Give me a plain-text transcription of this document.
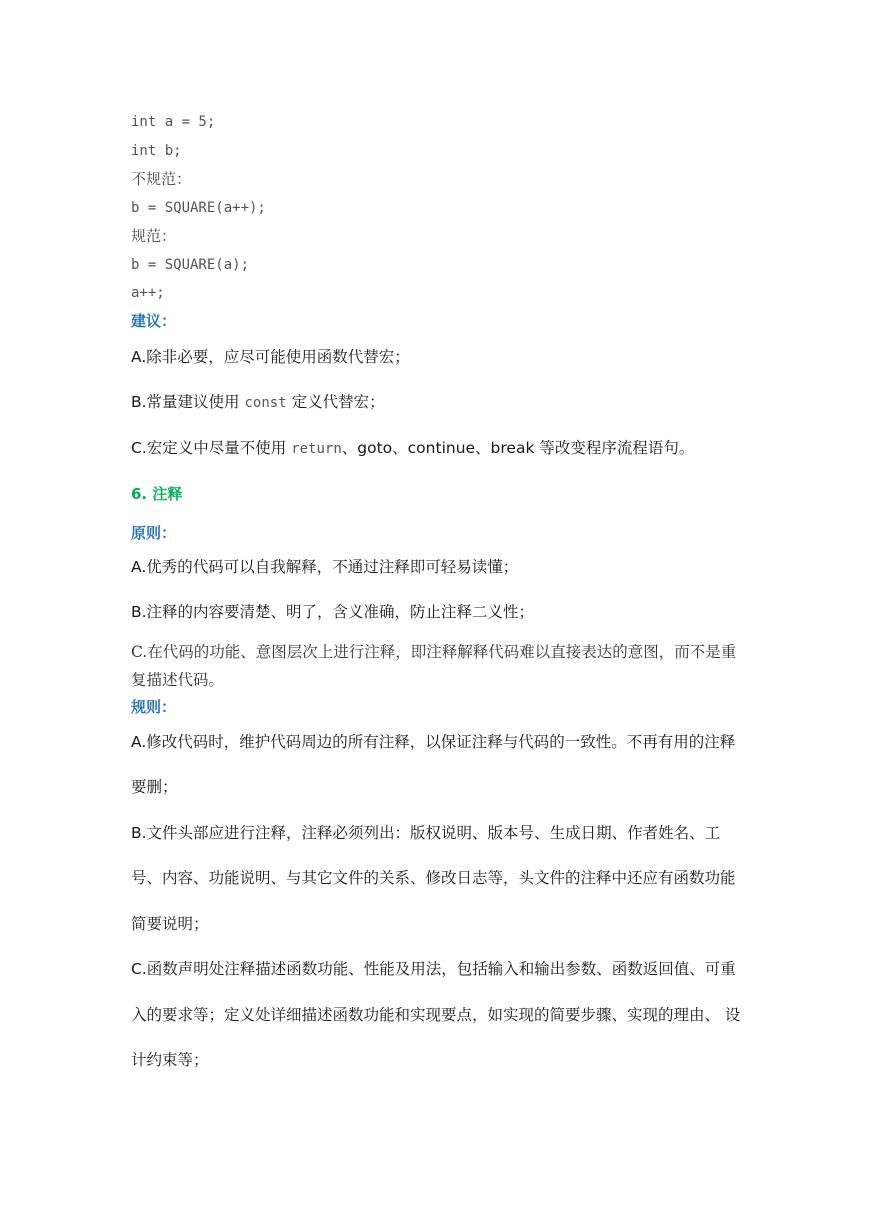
int a = 5;
int b;
不规范：
b = SQUARE(a++);
规范：
b = SQUARE(a);
a++;
建议：
A.除非必要，应尽可能使用函数代替宏；
B.常量建议使用 const 定义代替宏；
C.宏定义中尽量不使用 return、goto、continue、break 等改变程序流程语句。
6. 注释
原则：
A.优秀的代码可以自我解释，不通过注释即可轻易读懂；
B.注释的内容要清楚、明了，含义准确，防止注释二义性；
C.在代码的功能、意图层次上进行注释，即注释解释代码难以直接表达的意图，而不是重复描述代码。
规则：
A.修改代码时，维护代码周边的所有注释，以保证注释与代码的一致性。不再有用的注释要删；
B.文件头部应进行注释，注释必须列出：版权说明、版本号、生成日期、作者姓名、工号、内容、功能说明、与其它文件的关系、修改日志等，头文件的注释中还应有函数功能简要说明；
C.函数声明处注释描述函数功能、性能及用法，包括输入和输出参数、函数返回值、可重入的要求等；定义处详细描述函数功能和实现要点，如实现的简要步骤、实现的理由、 设计约束等；
